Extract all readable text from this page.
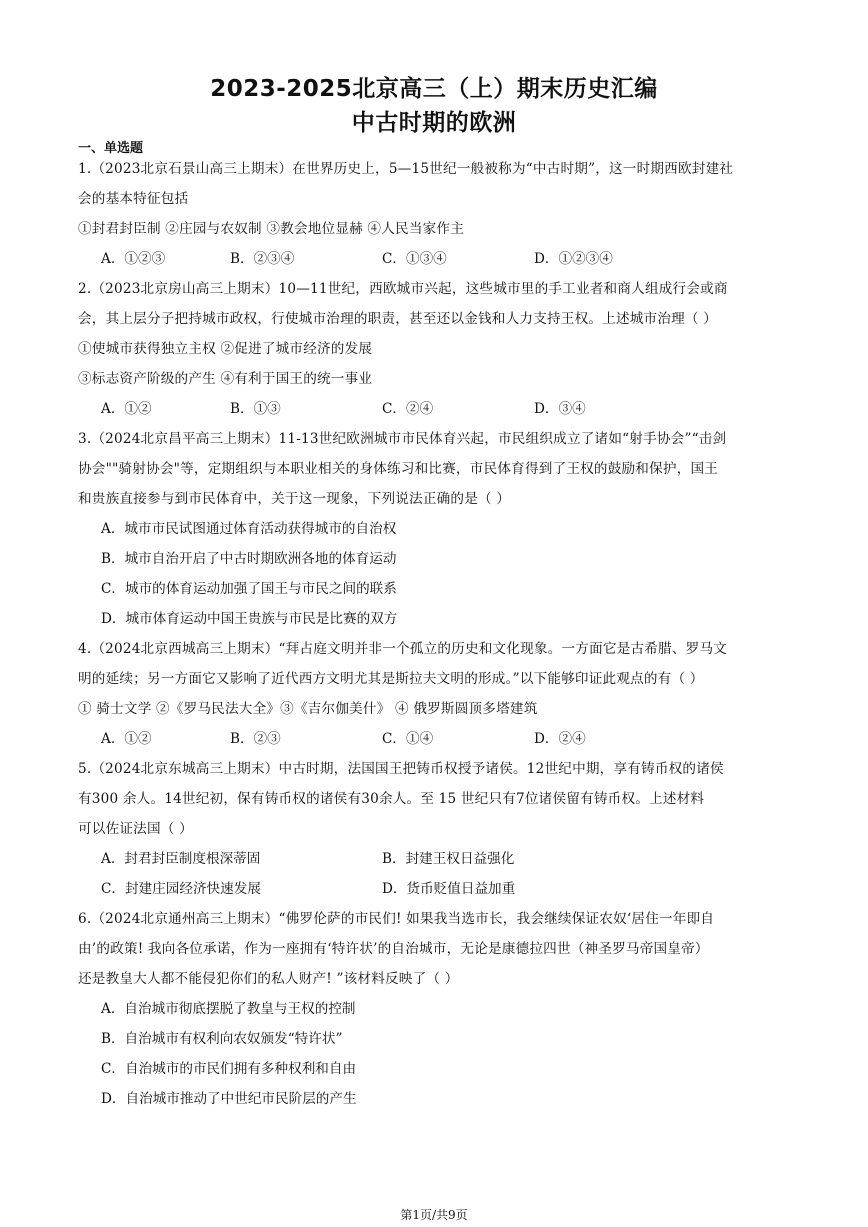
2023-2025北京高三（上）期末历史汇编
中古时期的欧洲
一、单选题
1.（2023北京石景山高三上期末）在世界历史上，5—15世纪一般被称为“中古时期”，这一时期西欧封建社
会的基本特征包括
①封君封臣制 ②庄园与农奴制 ③教会地位显赫 ④人民当家作主
A．①②③	B．②③④	C．①③④	D．①②③④
2.（2023北京房山高三上期末）10—11世纪，西欧城市兴起，这些城市里的手工业者和商人组成行会或商
会，其上层分子把持城市政权，行使城市治理的职责，甚至还以金钱和人力支持王权。上述城市治理（ ）
①使城市获得独立主权 ②促进了城市经济的发展
③标志资产阶级的产生 ④有利于国王的统一事业
A．①②	B．①③	C．②④	D．③④
3.（2024北京昌平高三上期末）11-13世纪欧洲城市市民体育兴起，市民组织成立了诸如“射手协会”“击剑
协会""骑射协会"等，定期组织与本职业相关的身体练习和比赛，市民体育得到了王权的鼓励和保护，国王
和贵族直接参与到市民体育中，关于这一现象，下列说法正确的是（ ）
A．城市市民试图通过体育活动获得城市的自治权
B．城市自治开启了中古时期欧洲各地的体育运动
C．城市的体育运动加强了国王与市民之间的联系
D．城市体育运动中国王贵族与市民是比赛的双方
4.（2024北京西城高三上期末）“拜占庭文明并非一个孤立的历史和文化现象。一方面它是古希腊、罗马文
明的延续；另一方面它又影响了近代西方文明尤其是斯拉夫文明的形成。”以下能够印证此观点的有（ ）
① 骑士文学 ②《罗马民法大全》③《吉尔伽美什》 ④ 俄罗斯圆顶多塔建筑
A．①②	B．②③	C．①④	D．②④
5.（2024北京东城高三上期末）中古时期，法国国王把铸币权授予诸侯。12世纪中期，享有铸币权的诸侯
有300 余人。14世纪初，保有铸币权的诸侯有30余人。至 15 世纪只有7位诸侯留有铸币权。上述材料
可以佐证法国（ ）
A．封君封臣制度根深蒂固	B．封建王权日益强化
C．封建庄园经济快速发展	D．货币贬值日益加重
6.（2024北京通州高三上期末）“佛罗伦萨的市民们! 如果我当选市长，我会继续保证农奴‘居住一年即自
由’的政策! 我向各位承诺，作为一座拥有‘特许状’的自治城市，无论是康德拉四世（神圣罗马帝国皇帝）
还是教皇大人都不能侵犯你们的私人财产! ”该材料反映了（ ）
A．自治城市彻底摆脱了教皇与王权的控制
B．自治城市有权利向农奴颁发“特许状”
C．自治城市的市民们拥有多种权利和自由
D．自治城市推动了中世纪市民阶层的产生
第1页/共9页
